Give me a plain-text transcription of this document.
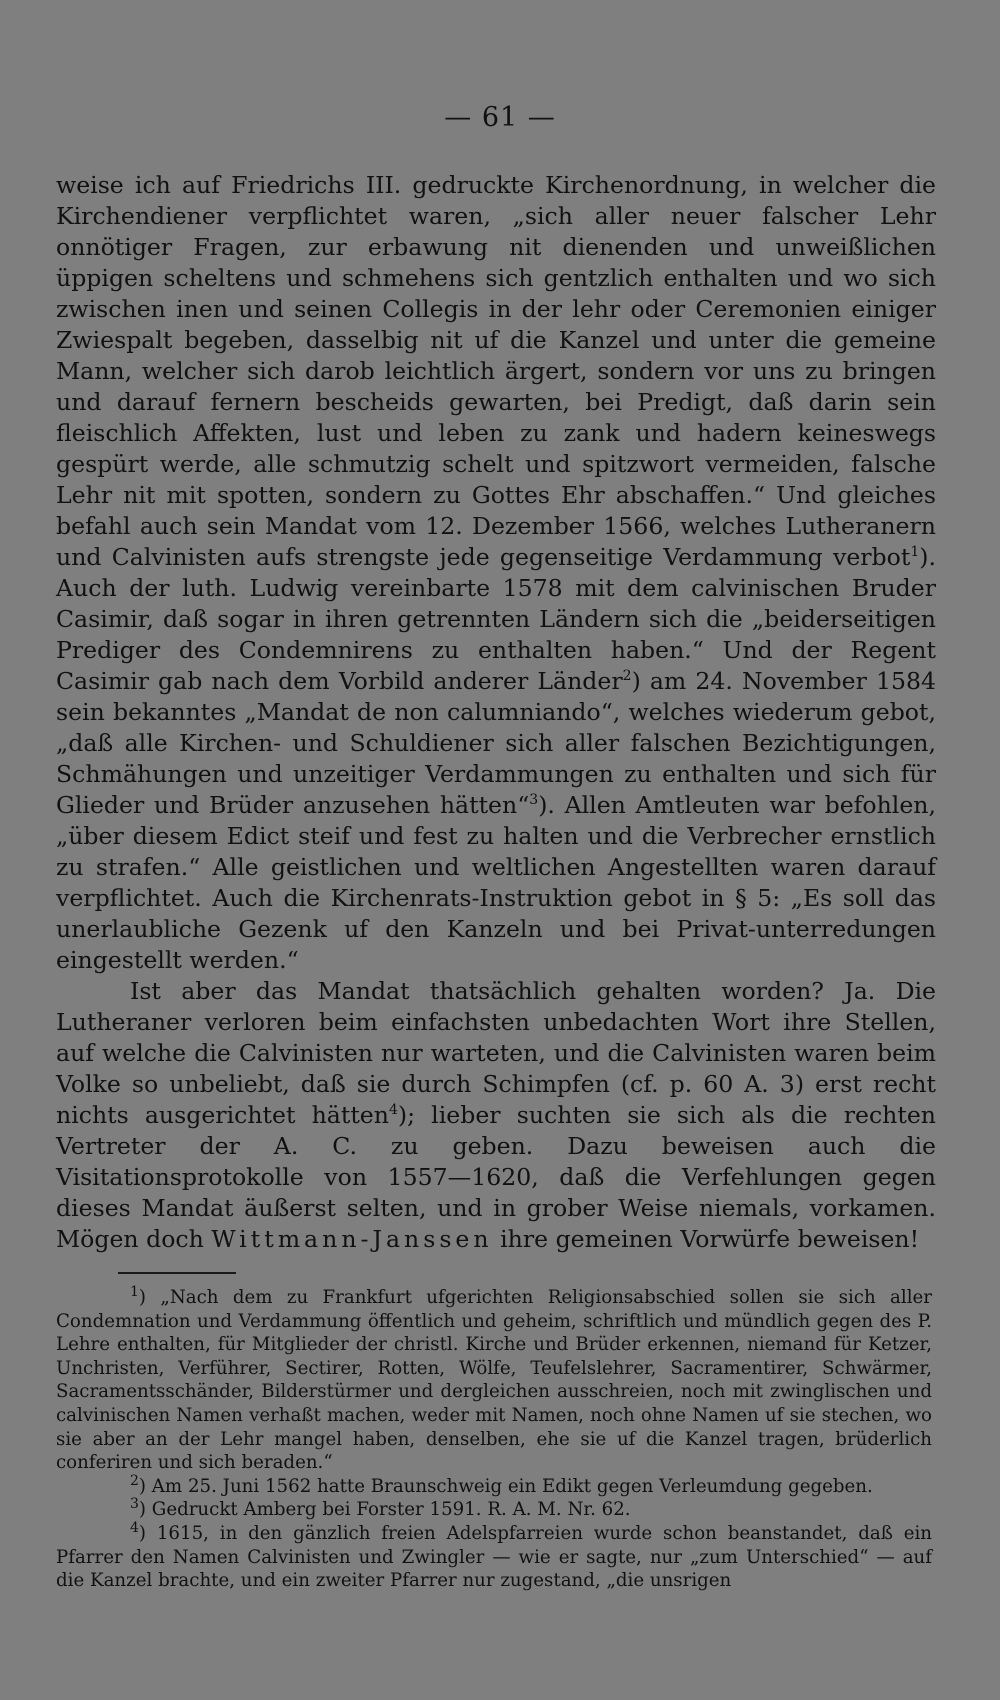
— 61 —

weise ich auf Friedrichs III. gedruckte Kirchenordnung, in welcher die Kirchendiener verpflichtet waren, „sich aller neuer falscher Lehr onnötiger Fragen, zur erbawung nit dienenden und unweißlichen üppigen scheltens und schmehens sich gentzlich enthalten und wo sich zwischen inen und seinen Collegis in der lehr oder Ceremonien einiger Zwiespalt begeben, dasselbig nit uf die Kanzel und unter die gemeine Mann, welcher sich darob leichtlich ärgert, sondern vor uns zu bringen und darauf fernern bescheids gewarten, bei Predigt, daß darin sein fleischlich Affekten, lust und leben zu zank und hadern keineswegs gespürt werde, alle schmutzig schelt und spitzwort vermeiden, falsche Lehr nit mit spotten, sondern zu Gottes Ehr abschaffen.“ Und gleiches befahl auch sein Mandat vom 12. Dezember 1566, welches Lutheranern und Calvinisten aufs strengste jede gegenseitige Verdammung verbot$^1$). Auch der luth. Ludwig vereinbarte 1578 mit dem calvinischen Bruder Casimir, daß sogar in ihren getrennten Ländern sich die „beiderseitigen Prediger des Condemnirens zu enthalten haben.“ Und der Regent Casimir gab nach dem Vorbild anderer Länder$^2$) am 24. November 1584 sein bekanntes „Mandat de non calumniando“, welches wiederum gebot, „daß alle Kirchen- und Schuldiener sich aller falschen Bezichtigungen, Schmähungen und unzeitiger Verdammungen zu enthalten und sich für Glieder und Brüder anzusehen hätten“$^3$). Allen Amtleuten war befohlen, „über diesem Edict steif und fest zu halten und die Verbrecher ernstlich zu strafen.“ Alle geistlichen und weltlichen Angestellten waren darauf verpflichtet. Auch die Kirchenrats-Instruktion gebot in § 5: „Es soll das unerlaubliche Gezenk uf den Kanzeln und bei Privat-unterredungen eingestellt werden.“

Ist aber das Mandat thatsächlich gehalten worden? Ja. Die Lutheraner verloren beim einfachsten unbedachten Wort ihre Stellen, auf welche die Calvinisten nur warteten, und die Calvinisten waren beim Volke so unbeliebt, daß sie durch Schimpfen (cf. p. 60 A. 3) erst recht nichts ausgerichtet hätten$^4$); lieber suchten sie sich als die rechten Vertreter der A. C. zu geben. Dazu beweisen auch die Visitationsprotokolle von 1557—1620, daß die Verfehlungen gegen dieses Mandat äußerst selten, und in grober Weise niemals, vorkamen. Mögen doch Wittmann-Janssen ihre gemeinen Vorwürfe beweisen!

$^1$) „Nach dem zu Frankfurt ufgerichten Religionsabschied sollen sie sich aller Condemnation und Verdammung öffentlich und geheim, schriftlich und mündlich gegen des P. Lehre enthalten, für Mitglieder der christl. Kirche und Brüder erkennen, niemand für Ketzer, Unchristen, Verführer, Sectirer, Rotten, Wölfe, Teufelslehrer, Sacramentirer, Schwärmer, Sacramentsschänder, Bilderstürmer und dergleichen ausschreien, noch mit zwinglischen und calvinischen Namen verhaßt machen, weder mit Namen, noch ohne Namen uf sie stechen, wo sie aber an der Lehr mangel haben, denselben, ehe sie uf die Kanzel tragen, brüderlich conferiren und sich beraden.“

$^2$) Am 25. Juni 1562 hatte Braunschweig ein Edikt gegen Verleumdung gegeben.

$^3$) Gedruckt Amberg bei Forster 1591. R. A. M. Nr. 62.

$^4$) 1615, in den gänzlich freien Adelspfarreien wurde schon beanstandet, daß ein Pfarrer den Namen Calvinisten und Zwingler — wie er sagte, nur „zum Unterschied“ — auf die Kanzel brachte, und ein zweiter Pfarrer nur zugestand, „die unsrigen
